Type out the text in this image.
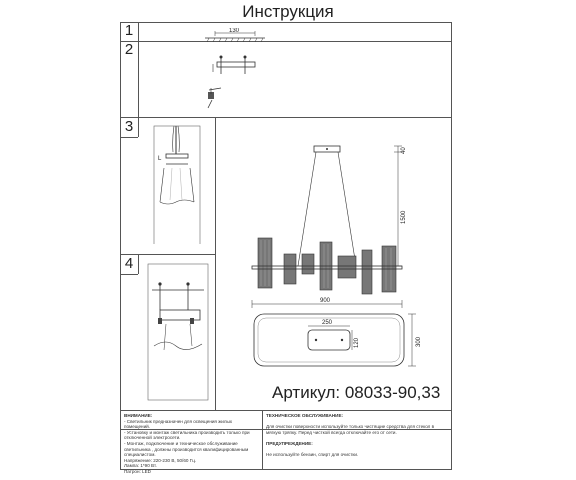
Инструкция
1
2
3
4
130
L
40
1500
900
250
120	300
Артикул: 08033-90,33
ВНИМАНИЕ:
- Светильник предназначен для освещения жилых помещений.
- Установку и монтаж светильника производить только при отключенной электросети.
- Монтаж, подключение и техническое обслуживание светильника , должны производится квалифицированным специалистом.
Напряжение: 220-230 В, 50/60 Гц.
Лампа: 1*90 Вт.
Патрон: LED
ТЕХНИЧЕСКОЕ ОБСЛУЖИВАНИЕ:

Для очистки поверхности используйте только чистящие средства для стекол в мягкую тряпку. Перед чисткой всегда отключайте его от сети.

ПРЕДУПРЕЖДЕНИЕ:

Не используйте бензин, спирт для очистки.
